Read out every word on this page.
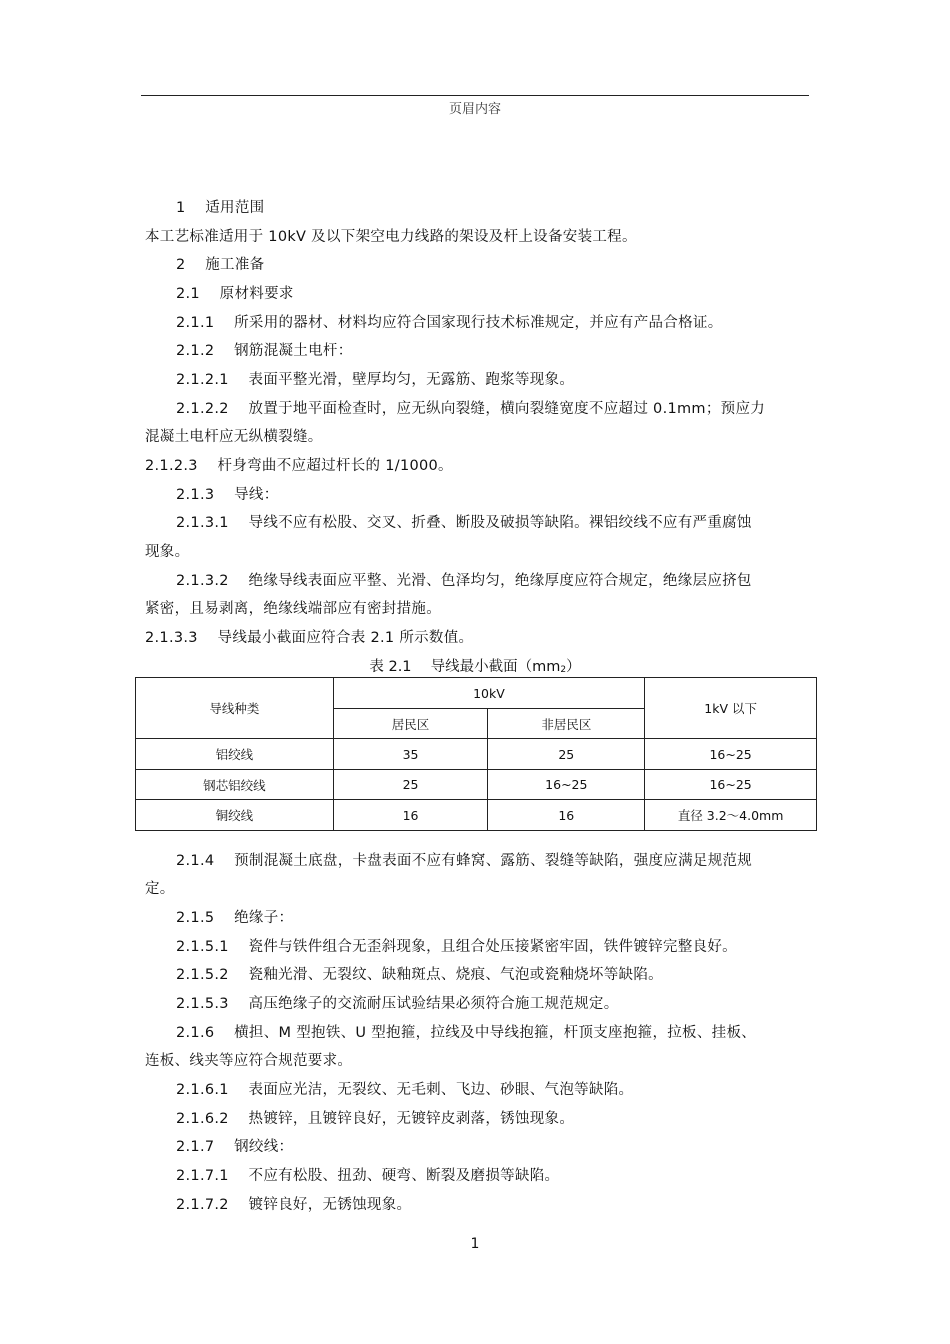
页眉内容
1　 适用范围
本工艺标准适用于 10kV 及以下架空电力线路的架设及杆上设备安装工程。
2　 施工准备
2.1　 原材料要求
2.1.1　 所采用的器材、材料均应符合国家现行技术标准规定，并应有产品合格证。
2.1.2　 钢筋混凝土电杆：
2.1.2.1　 表面平整光滑，壁厚均匀，无露筋、跑浆等现象。
2.1.2.2　 放置于地平面检查时，应无纵向裂缝，横向裂缝宽度不应超过 0.1mm；预应力
混凝土电杆应无纵横裂缝。
2.1.2.3　 杆身弯曲不应超过杆长的 1/1000。
2.1.3　 导线：
2.1.3.1　 导线不应有松股、交叉、折叠、断股及破损等缺陷。裸铝绞线不应有严重腐蚀
现象。
2.1.3.2　 绝缘导线表面应平整、光滑、色泽均匀，绝缘厚度应符合规定，绝缘层应挤包
紧密，且易剥离，绝缘线端部应有密封措施。
2.1.3.3　 导线最小截面应符合表 2.1 所示数值。
表 2.1　 导线最小截面$(mm_2)$
导线种类	10kV		1kV 以下
	居民区	非居民区	
铝绞线	35	25	16~25
钢芯铝绞线	25	16~25	16~25
铜绞线	16	16	直径 3.2～4.0mm
2.1.4　 预制混凝土底盘，卡盘表面不应有蜂窝、露筋、裂缝等缺陷，强度应满足规范规
定。
2.1.5　 绝缘子：
2.1.5.1　 瓷件与铁件组合无歪斜现象，且组合处压接紧密牢固，铁件镀锌完整良好。
2.1.5.2　 瓷釉光滑、无裂纹、缺釉斑点、烧痕、气泡或瓷釉烧坏等缺陷。
2.1.5.3　 高压绝缘子的交流耐压试验结果必须符合施工规范规定。
2.1.6　 横担、M 型抱铁、U 型抱箍，拉线及中导线抱箍，杆顶支座抱箍，拉板、挂板、
连板、线夹等应符合规范要求。
2.1.6.1　 表面应光洁，无裂纹、无毛刺、飞边、砂眼、气泡等缺陷。
2.1.6.2　 热镀锌，且镀锌良好，无镀锌皮剥落，锈蚀现象。
2.1.7　 钢绞线：
2.1.7.1　 不应有松股、扭劲、硬弯、断裂及磨损等缺陷。
2.1.7.2　 镀锌良好，无锈蚀现象。
1
